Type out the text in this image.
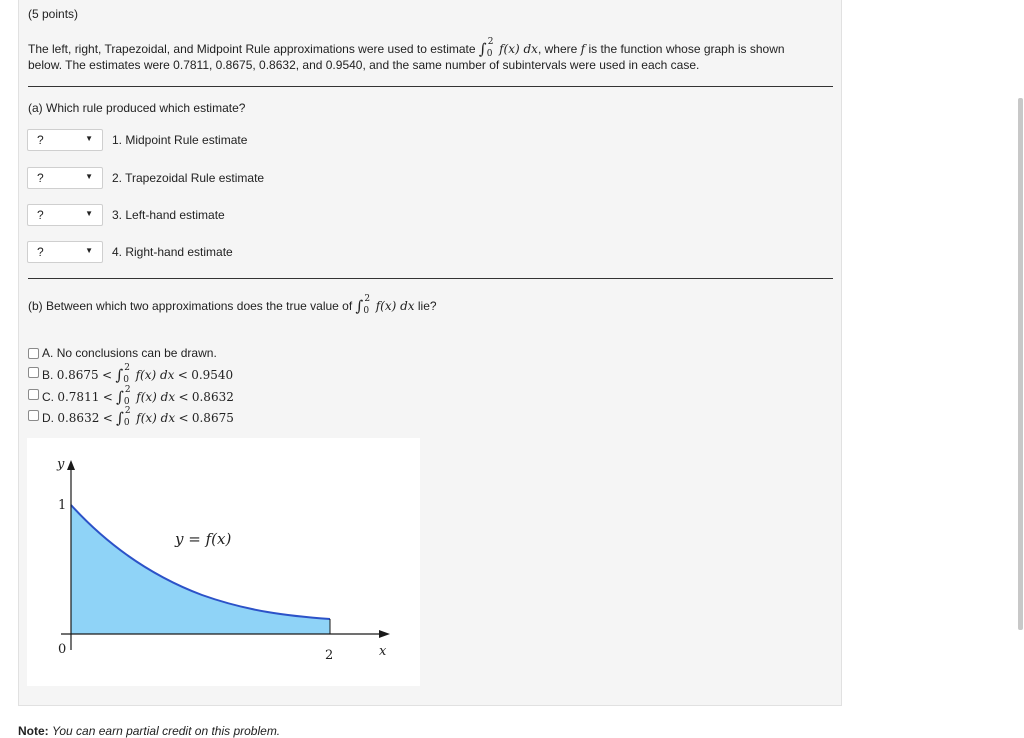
(5 points)
The left, right, Trapezoidal, and Midpoint Rule approximations were used to estimate ∫ 2
0 f(x) dx, where f is the function whose graph is shown
below. The estimates were 0.7811, 0.8675, 0.8632, and 0.9540, and the same number of subintervals were used in each case.
(a) Which rule produced which estimate?
?	▼ 1. Midpoint Rule estimate
?	▼ 2. Trapezoidal Rule estimate
?	▼ 3. Left-hand estimate
?	▼ 4. Right-hand estimate
(b) Between which two approximations does the true value of ∫ 2
0 f(x) dx lie?
A. No conclusions can be drawn.
B. 0.8675 < ∫ 2
0 f(x) dx < 0.9540
C. 0.7811 < ∫ 2
0 f(x) dx < 0.8632
D. 0.8632 < ∫ 2
0 f(x) dx < 0.8675
y
1
0	2	x
y = f(x)
Note: You can earn partial credit on this problem.
